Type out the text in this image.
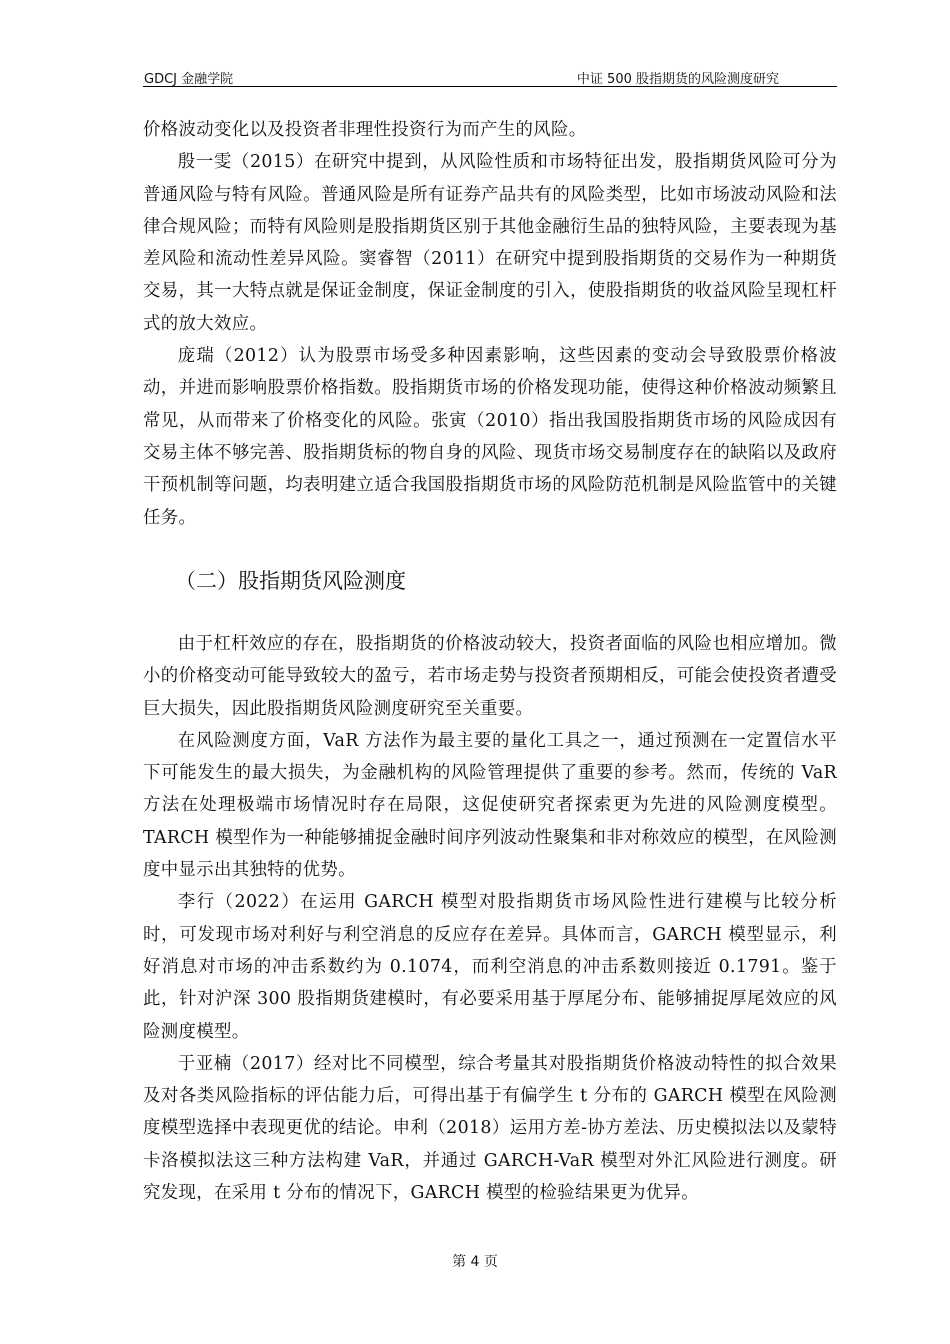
GDCJ 金融学院	中证 500 股指期货的风险测度研究

价格波动变化以及投资者非理性投资行为而产生的风险。

殷一雯（2015）在研究中提到，从风险性质和市场特征出发，股指期货风险可分为普通风险与特有风险。普通风险是所有证券产品共有的风险类型，比如市场波动风险和法律合规风险；而特有风险则是股指期货区别于其他金融衍生品的独特风险，主要表现为基差风险和流动性差异风险。窦睿智（2011）在研究中提到股指期货的交易作为一种期货交易，其一大特点就是保证金制度，保证金制度的引入，使股指期货的收益风险呈现杠杆式的放大效应。

庞瑞（2012）认为股票市场受多种因素影响，这些因素的变动会导致股票价格波动，并进而影响股票价格指数。股指期货市场的价格发现功能，使得这种价格波动频繁且常见，从而带来了价格变化的风险。张寅（2010）指出我国股指期货市场的风险成因有交易主体不够完善、股指期货标的物自身的风险、现货市场交易制度存在的缺陷以及政府干预机制等问题，均表明建立适合我国股指期货市场的风险防范机制是风险监管中的关键任务。

（二）股指期货风险测度

由于杠杆效应的存在，股指期货的价格波动较大，投资者面临的风险也相应增加。微小的价格变动可能导致较大的盈亏，若市场走势与投资者预期相反，可能会使投资者遭受巨大损失，因此股指期货风险测度研究至关重要。

在风险测度方面，VaR 方法作为最主要的量化工具之一，通过预测在一定置信水平下可能发生的最大损失，为金融机构的风险管理提供了重要的参考。然而，传统的 VaR 方法在处理极端市场情况时存在局限，这促使研究者探索更为先进的风险测度模型。TARCH 模型作为一种能够捕捉金融时间序列波动性聚集和非对称效应的模型，在风险测度中显示出其独特的优势。

李行（2022）在运用 GARCH 模型对股指期货市场风险性进行建模与比较分析时，可发现市场对利好与利空消息的反应存在差异。具体而言，GARCH 模型显示，利好消息对市场的冲击系数约为 0.1074，而利空消息的冲击系数则接近 0.1791。鉴于此，针对沪深 300 股指期货建模时，有必要采用基于厚尾分布、能够捕捉厚尾效应的风险测度模型。

于亚楠（2017）经对比不同模型，综合考量其对股指期货价格波动特性的拟合效果及对各类风险指标的评估能力后，可得出基于有偏学生 t 分布的 GARCH 模型在风险测度模型选择中表现更优的结论。申利（2018）运用方差-协方差法、历史模拟法以及蒙特卡洛模拟法这三种方法构建 VaR，并通过 GARCH-VaR 模型对外汇风险进行测度。研究发现，在采用 t 分布的情况下，GARCH 模型的检验结果更为优异。

第 4 页
